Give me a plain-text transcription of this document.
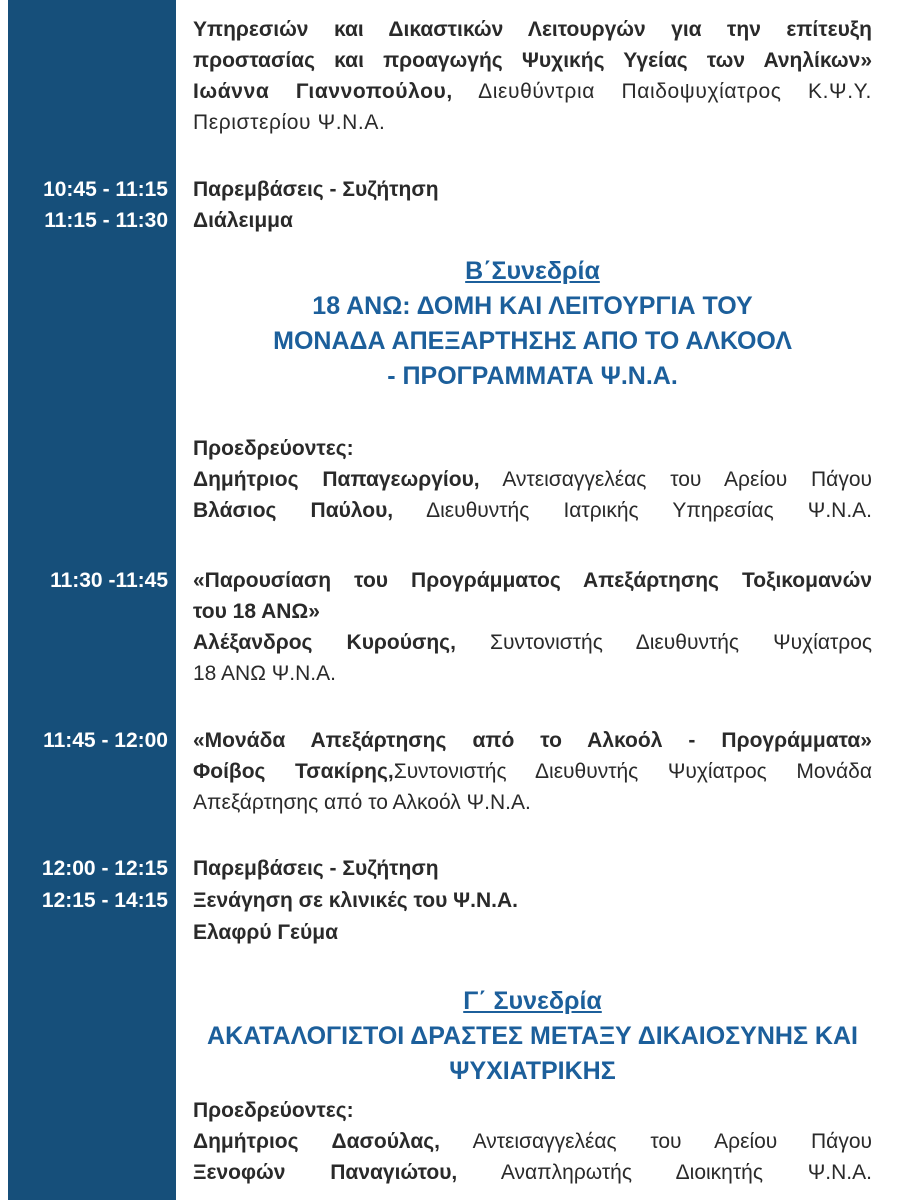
Υπηρεσιών και Δικαστικών Λειτουργών για την επίτευξη
προστασίας και προαγωγής Ψυχικής Υγείας των Ανηλίκων»
Ιωάννα Γιαννοπούλου, Διευθύντρια Παιδοψυχίατρος Κ.Ψ.Υ.
Περιστερίου Ψ.Ν.Α.
10:45 - 11:15 Παρεμβάσεις - Συζήτηση
11:15 - 11:30 Διάλειμμα
Β΄Συνεδρία
18 ΑΝΩ: ΔΟΜΗ ΚΑΙ ΛΕΙΤΟΥΡΓΙΑ ΤΟΥ
ΜΟΝΑΔΑ ΑΠΕΞΑΡΤΗΣΗΣ ΑΠΟ ΤΟ ΑΛΚΟΟΛ
- ΠΡΟΓΡΑΜΜΑΤΑ Ψ.Ν.Α.
Προεδρεύοντες:
Δημήτριος Παπαγεωργίου, Αντεισαγγελέας του Αρείου Πάγου
Βλάσιος Παύλου, Διευθυντής Ιατρικής Υπηρεσίας Ψ.Ν.Α.
11:30 -11:45 «Παρουσίαση του Προγράμματος Απεξάρτησης Τοξικομανών
του 18 ΑΝΩ»
Αλέξανδρος Κυρούσης, Συντονιστής Διευθυντής Ψυχίατρος
18 ΑΝΩ Ψ.Ν.Α.
11:45 - 12:00 «Μονάδα Απεξάρτησης από το Αλκοόλ - Προγράμματα»
Φοίβος Τσακίρης,Συντονιστής Διευθυντής Ψυχίατρος Μονάδα
Απεξάρτησης από το Αλκοόλ Ψ.Ν.Α.
12:00 - 12:15 Παρεμβάσεις - Συζήτηση
12:15 - 14:15 Ξενάγηση σε κλινικές του Ψ.Ν.Α.
Ελαφρύ Γεύμα
Γ΄ Συνεδρία
ΑΚΑΤΑΛΟΓΙΣΤΟΙ ΔΡΑΣΤΕΣ ΜΕΤΑΞΥ ΔΙΚΑΙΟΣΥΝΗΣ ΚΑΙ
ΨΥΧΙΑΤΡΙΚΗΣ
Προεδρεύοντες:
Δημήτριος Δασούλας, Αντεισαγγελέας του Αρείου Πάγου
Ξενοφών Παναγιώτου, Αναπληρωτής Διοικητής Ψ.Ν.Α.
